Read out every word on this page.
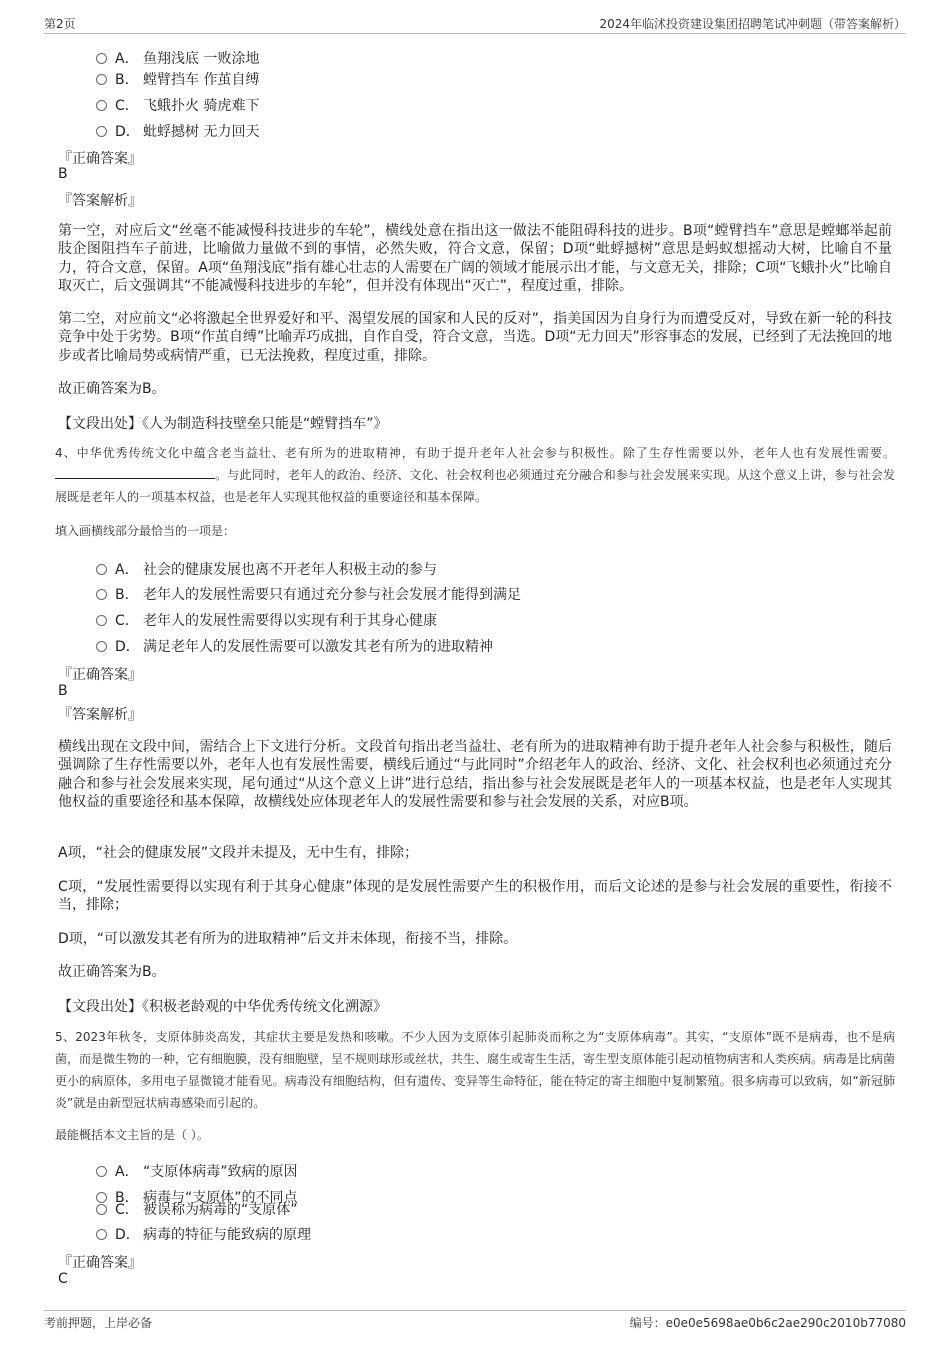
第2页	2024年临沭投资建设集团招聘笔试冲刺题（带答案解析）
A． 鱼翔浅底 一败涂地
B． 螳臂挡车 作茧自缚
C． 飞蛾扑火 骑虎难下
D． 蚍蜉撼树 无力回天
『正确答案』
B
『答案解析』
第一空，对应后文“丝毫不能减慢科技进步的车轮”，横线处意在指出这一做法不能阻碍科技的进步。B项“螳臂挡车”意思是螳螂举起前肢企图阻挡车子前进，比喻做力量做不到的事情，必然失败，符合文意，保留；D项“蚍蜉撼树”意思是蚂蚁想摇动大树，比喻自不量力，符合文意，保留。A项“鱼翔浅底”指有雄心壮志的人需要在广阔的领域才能展示出才能，与文意无关，排除；C项“飞蛾扑火”比喻自取灭亡，后文强调其“不能减慢科技进步的车轮”，但并没有体现出“灭亡”，程度过重，排除。
第二空，对应前文“必将激起全世界爱好和平、渴望发展的国家和人民的反对”，指美国因为自身行为而遭受反对，导致在新一轮的科技竞争中处于劣势。B项“作茧自缚”比喻弄巧成拙，自作自受，符合文意，当选。D项“无力回天”形容事态的发展，已经到了无法挽回的地步或者比喻局势或病情严重，已无法挽救，程度过重，排除。
故正确答案为B。
【文段出处】《人为制造科技壁垒只能是“螳臂挡车”》
4、中华优秀传统文化中蕴含老当益壮、老有所为的进取精神，有助于提升老年人社会参与积极性。除了生存性需要以外，老年人也有发展性需要。。与此同时，老年人的政治、经济、文化、社会权利也必须通过充分融合和参与社会发展来实现。从这个意义上讲，参与社会发展既是老年人的一项基本权益，也是老年人实现其他权益的重要途径和基本保障。
填入画横线部分最恰当的一项是：
A． 社会的健康发展也离不开老年人积极主动的参与
B． 老年人的发展性需要只有通过充分参与社会发展才能得到满足
C． 老年人的发展性需要得以实现有利于其身心健康
D． 满足老年人的发展性需要可以激发其老有所为的进取精神
『正确答案』
B
『答案解析』
横线出现在文段中间，需结合上下文进行分析。文段首句指出老当益壮、老有所为的进取精神有助于提升老年人社会参与积极性，随后强调除了生存性需要以外，老年人也有发展性需要，横线后通过“与此同时”介绍老年人的政治、经济、文化、社会权利也必须通过充分融合和参与社会发展来实现，尾句通过“从这个意义上讲”进行总结，指出参与社会发展既是老年人的一项基本权益，也是老年人实现其他权益的重要途径和基本保障，故横线处应体现老年人的发展性需要和参与社会发展的关系，对应B项。
A项，“社会的健康发展”文段并未提及，无中生有，排除；
C项，“发展性需要得以实现有利于其身心健康”体现的是发展性需要产生的积极作用，而后文论述的是参与社会发展的重要性，衔接不当，排除；
D项，“可以激发其老有所为的进取精神”后文并未体现，衔接不当，排除。
故正确答案为B。
【文段出处】《积极老龄观的中华优秀传统文化溯源》
5、2023年秋冬，支原体肺炎高发，其症状主要是发热和咳嗽。不少人因为支原体引起肺炎而称之为“支原体病毒”。其实，“支原体”既不是病毒，也不是病菌，而是微生物的一种，它有细胞膜，没有细胞壁，呈不规则球形或丝状，共生、腐生或寄生生活，寄生型支原体能引起动植物病害和人类疾病。病毒是比病菌更小的病原体，多用电子显微镜才能看见。病毒没有细胞结构，但有遗传、变异等生命特征，能在特定的寄主细胞中复制繁殖。很多病毒可以致病，如“新冠肺炎”就是由新型冠状病毒感染而引起的。
最能概括本文主旨的是（ ）。
A． “支原体病毒”致病的原因
B． 病毒与“支原体”的不同点
C． 被误称为病毒的“支原体”
D． 病毒的特征与能致病的原理
『正确答案』
C
考前押题，上岸必备	编号：e0e0e5698ae0b6c2ae290c2010b77080
